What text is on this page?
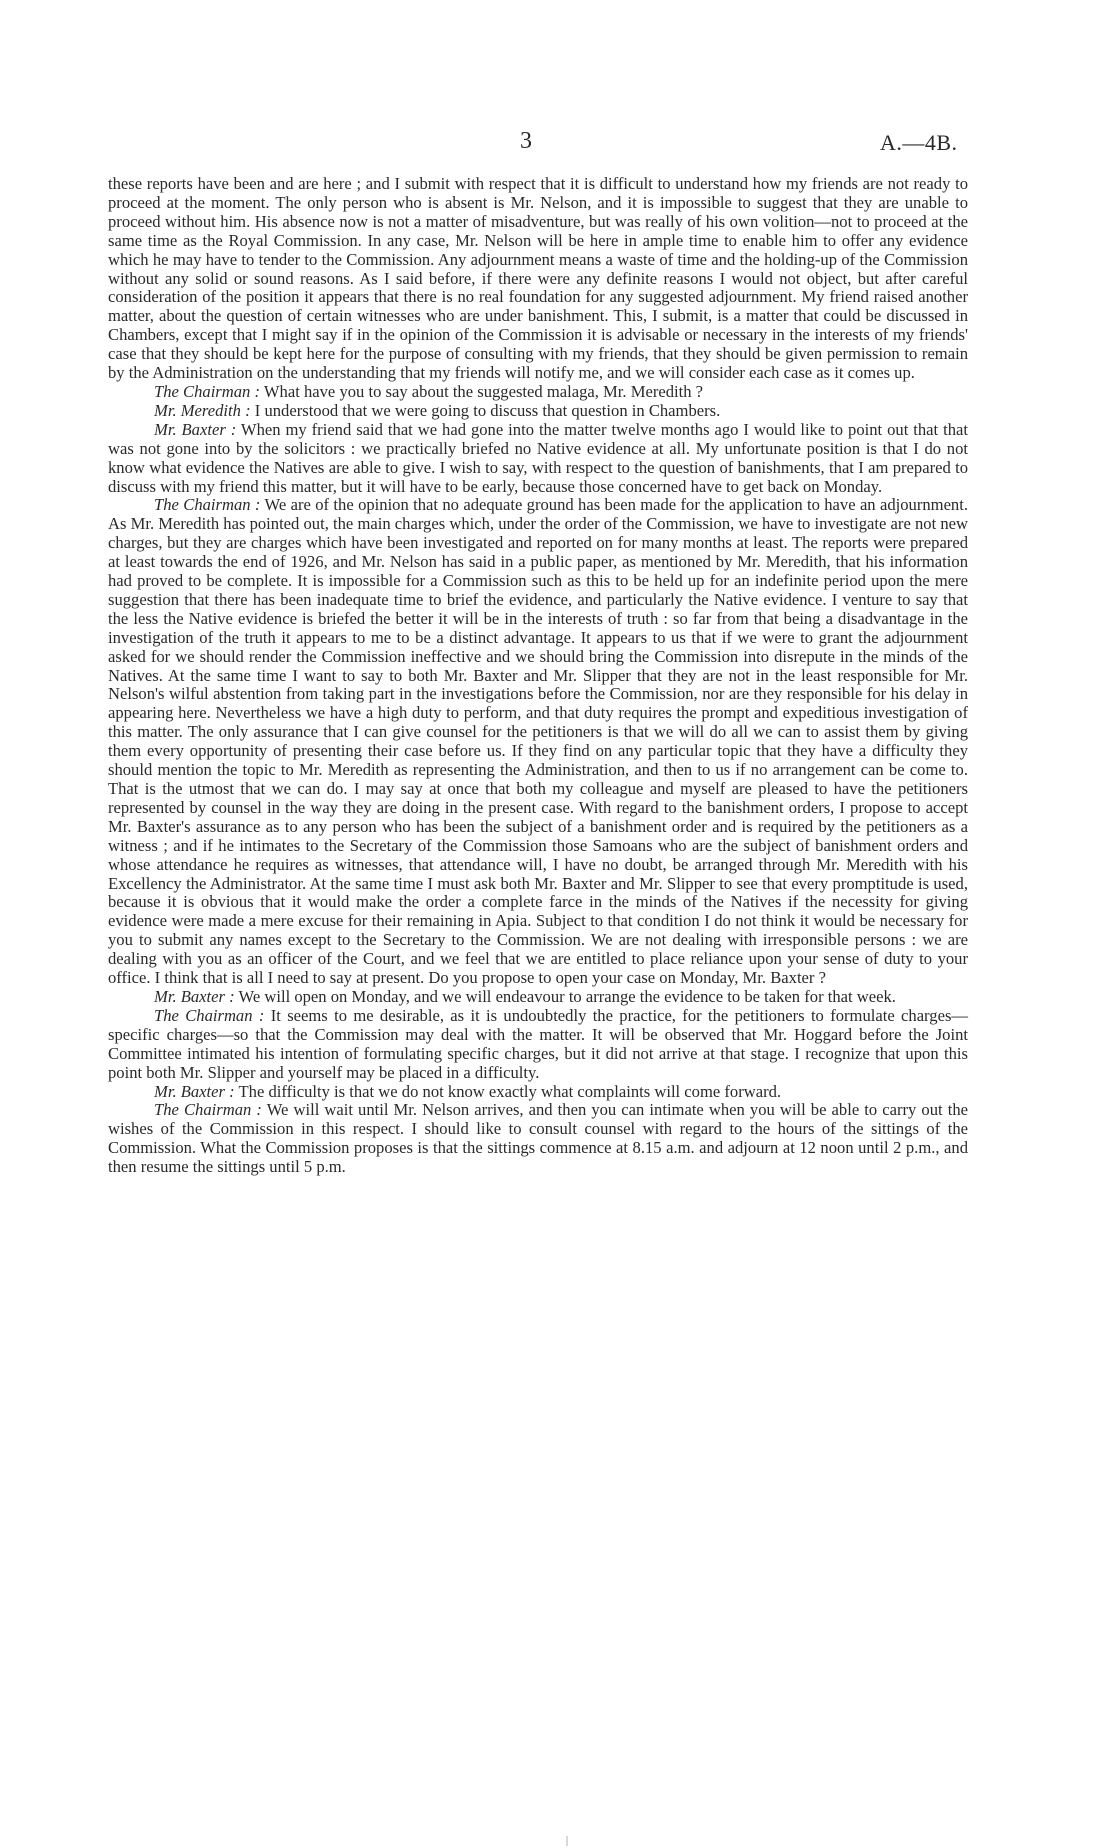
3	A.—4B.

these reports have been and are here ; and I submit with respect that it is difficult to understand how my friends are not ready to proceed at the moment. The only person who is absent is Mr. Nelson, and it is impossible to suggest that they are unable to proceed without him. His absence now is not a matter of misadventure, but was really of his own volition—not to proceed at the same time as the Royal Commission. In any case, Mr. Nelson will be here in ample time to enable him to offer any evidence which he may have to tender to the Commission. Any adjournment means a waste of time and the holding-up of the Commission without any solid or sound reasons. As I said before, if there were any definite reasons I would not object, but after careful consideration of the position it appears that there is no real foundation for any suggested adjournment. My friend raised another matter, about the question of certain witnesses who are under banishment. This, I submit, is a matter that could be discussed in Chambers, except that I might say if in the opinion of the Commission it is advisable or necessary in the interests of my friends' case that they should be kept here for the purpose of consulting with my friends, that they should be given permission to remain by the Administration on the understanding that my friends will notify me, and we will consider each case as it comes up.

The Chairman : What have you to say about the suggested malaga, Mr. Meredith ?

Mr. Meredith : I understood that we were going to discuss that question in Chambers.

Mr. Baxter : When my friend said that we had gone into the matter twelve months ago I would like to point out that that was not gone into by the solicitors : we practically briefed no Native evidence at all. My unfortunate position is that I do not know what evidence the Natives are able to give. I wish to say, with respect to the question of banishments, that I am prepared to discuss with my friend this matter, but it will have to be early, because those concerned have to get back on Monday.

The Chairman : We are of the opinion that no adequate ground has been made for the application to have an adjournment. As Mr. Meredith has pointed out, the main charges which, under the order of the Commission, we have to investigate are not new charges, but they are charges which have been investigated and reported on for many months at least. The reports were prepared at least towards the end of 1926, and Mr. Nelson has said in a public paper, as mentioned by Mr. Meredith, that his information had proved to be complete. It is impossible for a Commission such as this to be held up for an indefinite period upon the mere suggestion that there has been inadequate time to brief the evidence, and particularly the Native evidence. I venture to say that the less the Native evidence is briefed the better it will be in the interests of truth : so far from that being a disadvantage in the investigation of the truth it appears to me to be a distinct advantage. It appears to us that if we were to grant the adjournment asked for we should render the Commission ineffective and we should bring the Commission into disrepute in the minds of the Natives. At the same time I want to say to both Mr. Baxter and Mr. Slipper that they are not in the least responsible for Mr. Nelson's wilful abstention from taking part in the investigations before the Commission, nor are they responsible for his delay in appearing here. Nevertheless we have a high duty to perform, and that duty requires the prompt and expeditious investigation of this matter. The only assurance that I can give counsel for the petitioners is that we will do all we can to assist them by giving them every opportunity of presenting their case before us. If they find on any particular topic that they have a difficulty they should mention the topic to Mr. Meredith as representing the Administration, and then to us if no arrangement can be come to. That is the utmost that we can do. I may say at once that both my colleague and myself are pleased to have the petitioners represented by counsel in the way they are doing in the present case. With regard to the banishment orders, I propose to accept Mr. Baxter's assurance as to any person who has been the subject of a banishment order and is required by the petitioners as a witness ; and if he intimates to the Secretary of the Commission those Samoans who are the subject of banishment orders and whose attendance he requires as witnesses, that attendance will, I have no doubt, be arranged through Mr. Meredith with his Excellency the Administrator. At the same time I must ask both Mr. Baxter and Mr. Slipper to see that every promptitude is used, because it is obvious that it would make the order a complete farce in the minds of the Natives if the necessity for giving evidence were made a mere excuse for their remaining in Apia. Subject to that condition I do not think it would be necessary for you to submit any names except to the Secretary to the Commission. We are not dealing with irresponsible persons : we are dealing with you as an officer of the Court, and we feel that we are entitled to place reliance upon your sense of duty to your office. I think that is all I need to say at present. Do you propose to open your case on Monday, Mr. Baxter ?

Mr. Baxter : We will open on Monday, and we will endeavour to arrange the evidence to be taken for that week.

The Chairman : It seems to me desirable, as it is undoubtedly the practice, for the petitioners to formulate charges—specific charges—so that the Commission may deal with the matter. It will be observed that Mr. Hoggard before the Joint Committee intimated his intention of formulating specific charges, but it did not arrive at that stage. I recognize that upon this point both Mr. Slipper and yourself may be placed in a difficulty.

Mr. Baxter : The difficulty is that we do not know exactly what complaints will come forward.

The Chairman : We will wait until Mr. Nelson arrives, and then you can intimate when you will be able to carry out the wishes of the Commission in this respect. I should like to consult counsel with regard to the hours of the sittings of the Commission. What the Commission proposes is that the sittings commence at 8.15 a.m. and adjourn at 12 noon until 2 p.m., and then resume the sittings until 5 p.m.
